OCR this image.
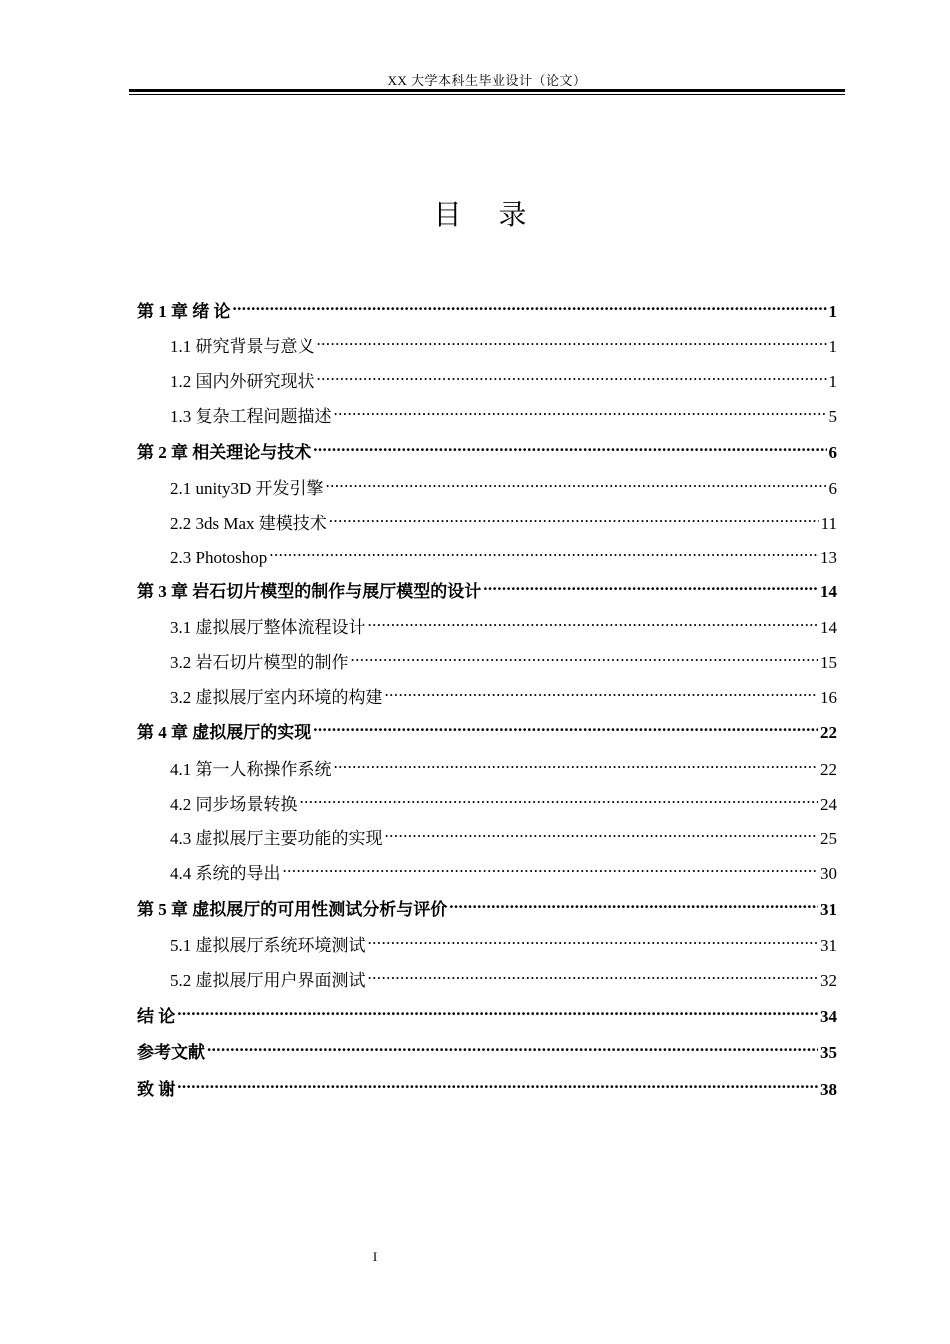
XX 大学本科生毕业设计（论文）
目 录
第 1 章 绪 论 .....	1
1.1 研究背景与意义 .....	1
1.2 国内外研究现状 .....	1
1.3 复杂工程问题描述 .....	5
第 2 章 相关理论与技术 .....	6
2.1 unity3D 开发引擎 .....	6
2.2 3ds Max 建模技术 .....	11
2.3 Photoshop .....	13
第 3 章 岩石切片模型的制作与展厅模型的设计 .....	14
3.1 虚拟展厅整体流程设计 .....	14
3.2 岩石切片模型的制作 .....	15
3.2 虚拟展厅室内环境的构建 .....	16
第 4 章 虚拟展厅的实现 .....	22
4.1 第一人称操作系统 .....	22
4.2 同步场景转换 .....	24
4.3 虚拟展厅主要功能的实现 .....	25
4.4 系统的导出 .....	30
第 5 章 虚拟展厅的可用性测试分析与评价 .....	31
5.1 虚拟展厅系统环境测试 .....	31
5.2 虚拟展厅用户界面测试 .....	32
结 论 .....	34
参考文献 .....	35
致 谢 .....	38
I
